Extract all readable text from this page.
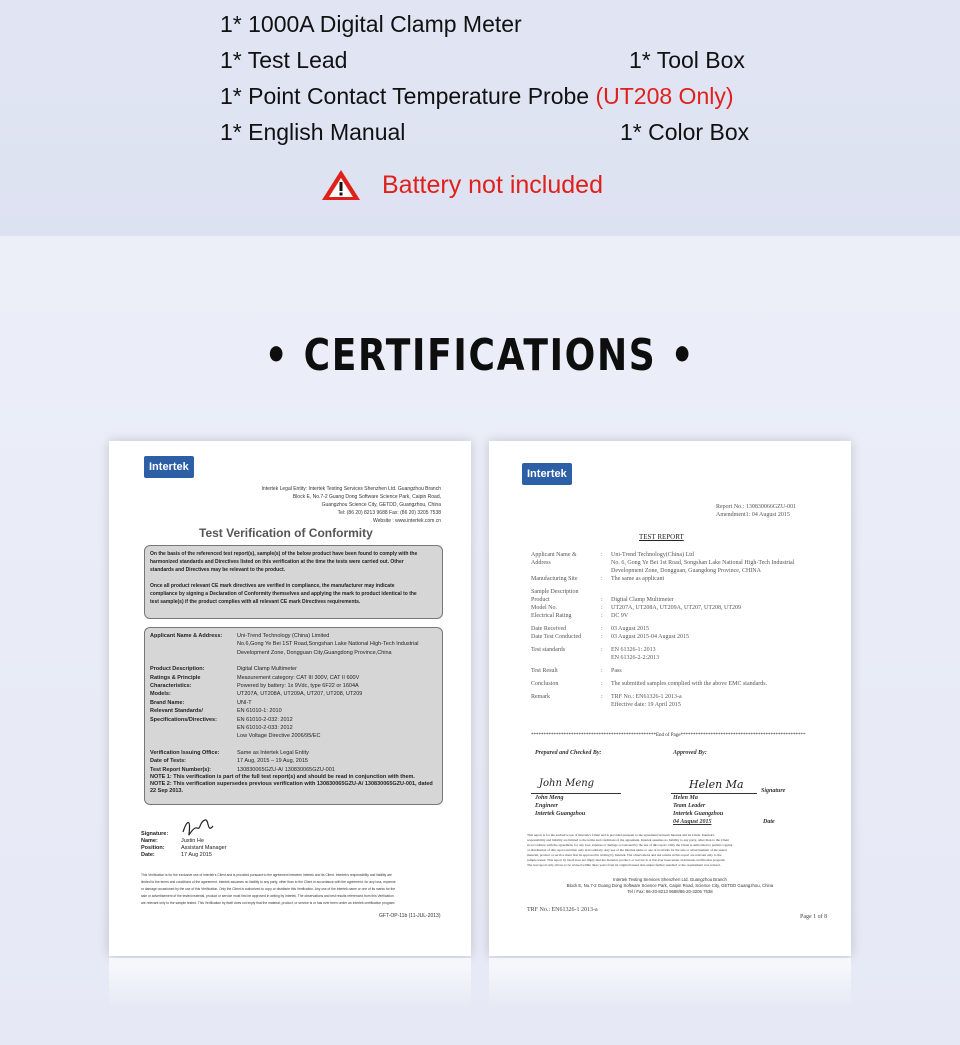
1* 1000A Digital Clamp Meter
1* Test Lead	1* Tool Box
1* Point Contact Temperature Probe (UT208 Only)
1* English Manual	1* Color Box
Battery not included
• CERTIFICATIONS •
Intertek
Test Verification of Conformity
On the basis of the referenced test report(s), sample(s) of the below product have been found to comply with the
harmonized standards and Directives listed on this verification at the time the tests were carried out. Other
standards and Directives may be relevant to the product.
Once all product relevant CE mark directives are verified in compliance, the manufacturer may indicate
compliance by signing a Declaration of Conformity themselves and applying the mark to product identical to the
test sample(s) if the product complies with all relevant CE mark Directives requirements.
Applicant Name & Address:	Uni-Trend Technology (China) Limited
No.6,Gong Ye Bei 1ST Road,Songshan Lake National High-Tech Industrial
Development Zone, Dongguan City,Guangdong Province,China
Product Description:	Digital Clamp Multimeter
Ratings & Principle	Measurement category: CAT III 300V, CAT II 600V
Characteristics:	Powered by battery: 1x 9Vdc, type 6F22 or 1604A
Models:	UT207A, UT208A, UT209A, UT207, UT208, UT209
Brand Name:	UNI-T
Relevant Standards/	EN 61010-1: 2010
Specifications/Directives:	EN 61010-2-032: 2012
EN 61010-2-033: 2012
Low Voltage Directive 2006/95/EC
Verification Issuing Office:	Same as Intertek Legal Entity
Date of Tests:	17 Aug, 2015 – 19 Aug, 2015
Test Report Number(s):	130830065GZU-A/ 130830065GZU-001
NOTE 1: This verification is part of the full test report(s) and should be read in conjunction with them.
NOTE 2: This verification supersedes previous verification with 130830065GZU-A/ 130830065GZU-001, dated
22 Sep 2013.
GFT-OP-11b (11-JUL-2013)
Intertek Legal Entity: Intertek Testing Services Shenzhen Ltd. Guangzhou Branch
Block E, No.7-2 Guang Dong Software Science Park, Caipin Road,
Guangzhou Science City, GETDD, Guangzhou, China
Tel: (86 20) 8213 9688 Fax: (86 20) 3205 7538
Website : www.intertek.com.cn
Signature:
Name:	Justin He
Position:	Assistant Manager
Date:	17 Aug 2015
This Verification is for the exclusive use of Intertek's Client and is provided pursuant to the agreement between Intertek and its Client. Intertek's responsibility and liability are
limited to the terms and conditions of the agreement. Intertek assumes no liability to any party, other than to the Client in accordance with the agreement, for any loss, expense
or damage occasioned by the use of this Verification. Only the Client is authorized to copy or distribute this Verification. Any use of the Intertek name or one of its marks for the
sale or advertisement of the tested material, product or service must first be approved in writing by Intertek. The observations and test results referenced from this Verification
are relevant only to the sample tested. This Verification by itself does not imply that the material, product, or service is or has ever been under an Intertek certification program.
Intertek
Report No.: 130830066GZU-001
Amendment1: 04 August 2015
TEST REPORT
**************************************************End of Page**************************************************
Prepared and Checked By:	Approved By:
John Meng	Helen Ma	Signature
Date
TRF No.: EN61326-1 2013-a
Page 1 of 8
Applicant Name &	: Uni-Trend Technology(China) Ltd
Address	No. 6, Gong Ye Bei 1st Road, Songshan Lake National High-Tech Industrial
Development Zone, Dongguan, Guangdong Province, CHINA
Manufacturing Site	: The same as applicant
Sample Description
Product	: Digital Clamp Multimeter
Model No.	: UT207A, UT208A, UT209A, UT207, UT208, UT209
Electrical Rating	: DC 9V
Date Received	: 03 August 2015
Date Test Conducted	: 03 August 2015-04 August 2015
Test standards	: EN 61326-1: 2013
EN 61326-2-2:2013
Test Result	: Pass
Conclusion	: The submitted samples complied with the above EMC standards.
Remark	: TRF No.: EN61326-1 2013-a
Effective date: 19 April 2015
John Meng
Engineer
Intertek Guangzhou
Helen Ma
Team Leader
Intertek Guangzhou
04 August 2015
This report is for the exclusive use of Intertek's Client and is provided pursuant to the agreement between Intertek and its Client. Intertek's
responsibility and liability are limited to the terms and conditions of the agreement. Intertek assumes no liability to any party, other than to the Client
in accordance with the agreement, for any loss, expense or damage occasioned by the use of this report. Only the Client is authorized to permit copying
or distribution of this report and then only in its entirety. Any use of the Intertek name or one of its marks for the sale or advertisement of the tested
material, product or service must first be approved in writing by Intertek. The observations and test results in this report are relevant only to the
sample tested. This report by itself does not imply that the material, product, or service is or has ever been under an Intertek certification program.
The test report only allows to be revised within three years from its original issued date unless further standard or the requirement was revised.
Intertek Testing Services Shenzhen Ltd. Guangzhou Branch
Block E, No.7-2 Guang Dong Software Science Park, Caipin Road, Science City, GETDD Guangzhou, China
Tel / Fax: 86-20-8213 9688/86-20-3205 7538
